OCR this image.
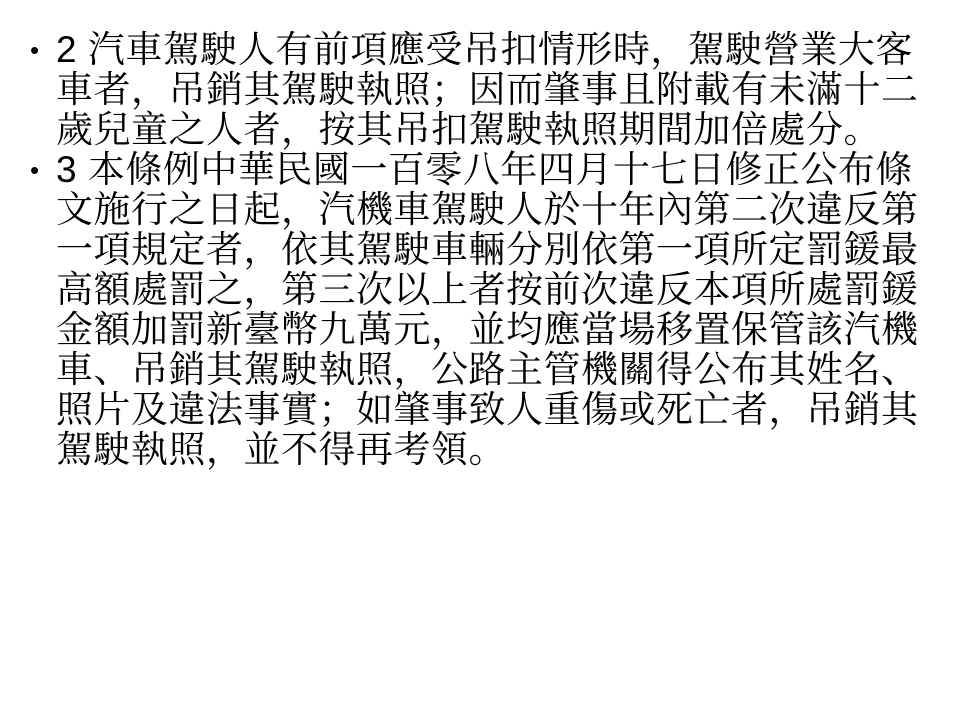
• 2 汽車駕駛人有前項應受吊扣情形時，駕駛營業大客車者，吊銷其駕駛執照；因而肇事且附載有未滿十二歲兒童之人者，按其吊扣駕駛執照期間加倍處分。
• 3 本條例中華民國一百零八年四月十七日修正公布條文施行之日起，汽機車駕駛人於十年內第二次違反第一項規定者，依其駕駛車輛分別依第一項所定罰鍰最高額處罰之，第三次以上者按前次違反本項所處罰鍰金額加罰新臺幣九萬元，並均應當場移置保管該汽機車、吊銷其駕駛執照，公路主管機關得公布其姓名、照片及違法事實；如肇事致人重傷或死亡者，吊銷其駕駛執照，並不得再考領。
